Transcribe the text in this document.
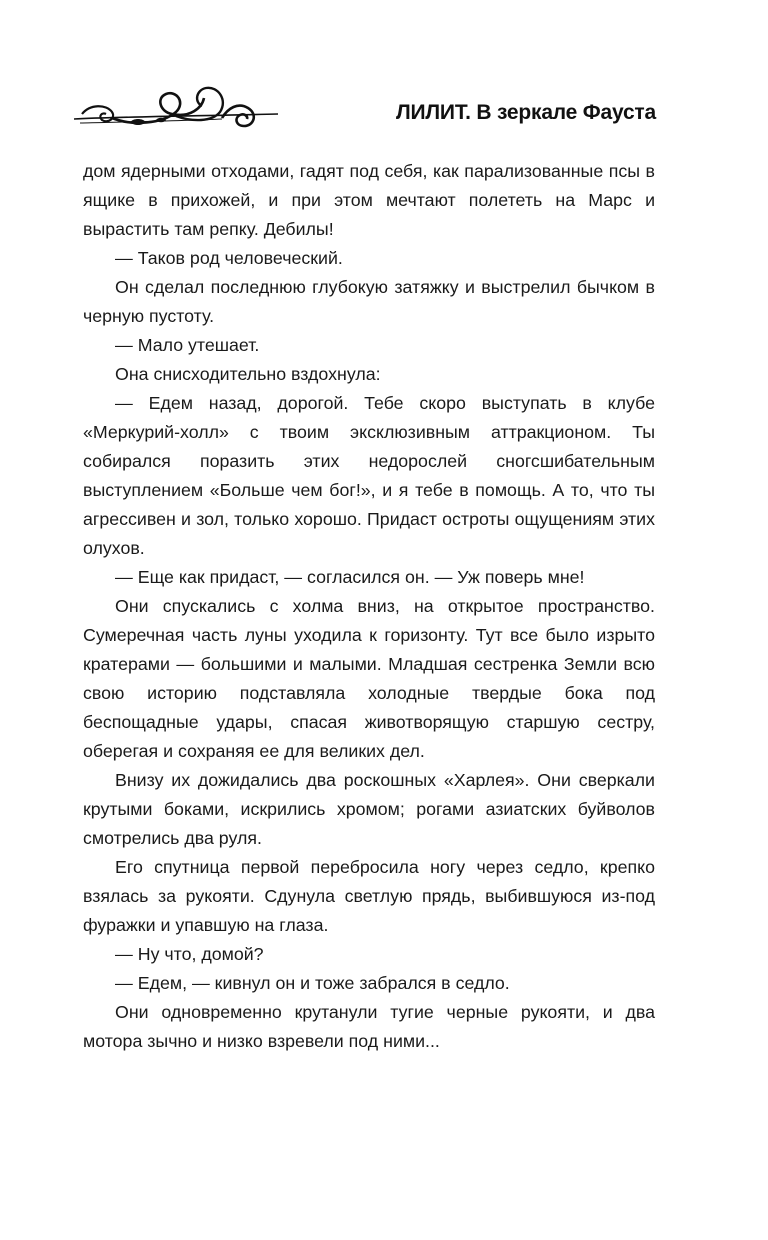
ЛИЛИТ. В зеркале Фауста

дом ядерными отходами, гадят под себя, как парализованные псы в ящике в прихожей, и при этом мечтают полететь на Марс и вырастить там репку. Дебилы!

— Таков род человеческий.

Он сделал последнюю глубокую затяжку и выстрелил бычком в черную пустоту.

— Мало утешает.

Она снисходительно вздохнула:

— Едем назад, дорогой. Тебе скоро выступать в клубе «Меркурий-холл» с твоим эксклюзивным аттракционом. Ты собирался поразить этих недорослей сногсшибательным выступлением «Больше чем бог!», и я тебе в помощь. А то, что ты агрессивен и зол, только хорошо. Придаст остроты ощущениям этих олухов.

— Еще как придаст, — согласился он. — Уж поверь мне!

Они спускались с холма вниз, на открытое пространство. Сумеречная часть луны уходила к горизонту. Тут все было изрыто кратерами — большими и малыми. Младшая сестренка Земли всю свою историю подставляла холодные твердые бока под беспощадные удары, спасая животворящую старшую сестру, оберегая и сохраняя ее для великих дел.

Внизу их дожидались два роскошных «Харлея». Они сверкали крутыми боками, искрились хромом; рогами азиатских буйволов смотрелись два руля.

Его спутница первой перебросила ногу через седло, крепко взялась за рукояти. Сдунула светлую прядь, выбившуюся из-под фуражки и упавшую на глаза.

— Ну что, домой?

— Едем, — кивнул он и тоже забрался в седло.

Они одновременно крутанули тугие черные рукояти, и два мотора зычно и низко взревели под ними...
